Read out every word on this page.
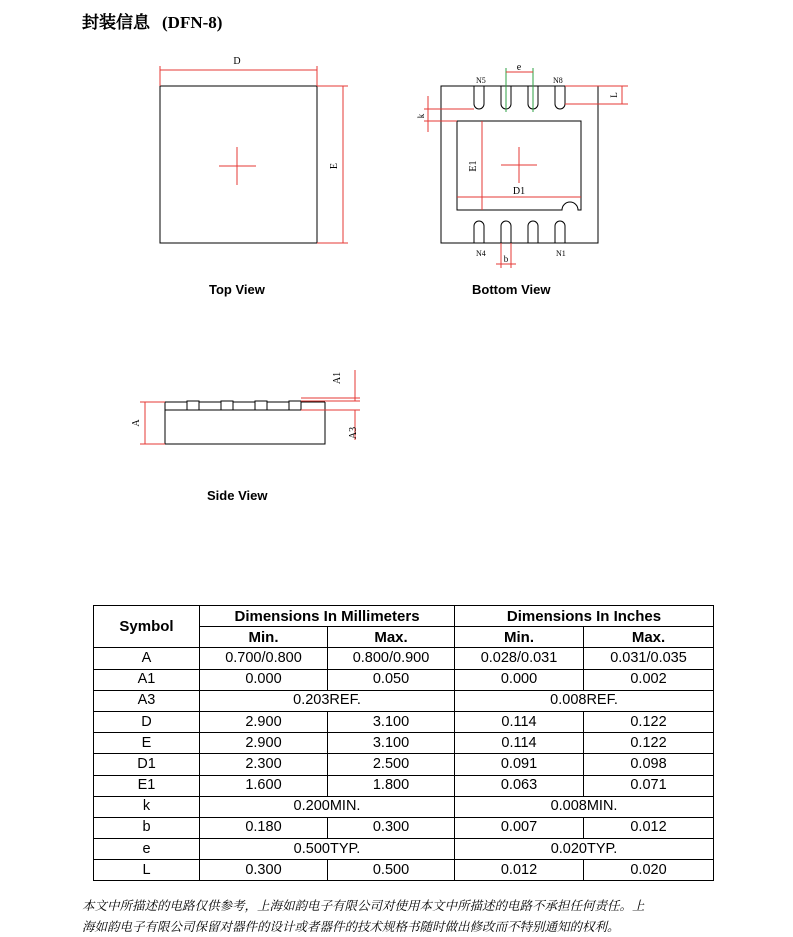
封装信息 (DFN-8)
D
E
e
N5	N8
N4	N1
L
k
E1
D1
b
A
A1
A3
Top View	Bottom View
Side View
Symbol	Dimensions In Millimeters		Dimensions In Inches	
	Min.	Max.	Min.	Max.
A	0.700/0.800	0.800/0.900	0.028/0.031	0.031/0.035
A1	0.000	0.050	0.000	0.002
A3	0.203REF.		0.008REF.	
D	2.900	3.100	0.114	0.122
E	2.900	3.100	0.114	0.122
D1	2.300	2.500	0.091	0.098
E1	1.600	1.800	0.063	0.071
k	0.200MIN.		0.008MIN.	
b	0.180	0.300	0.007	0.012
e	0.500TYP.		0.020TYP.	
L	0.300	0.500	0.012	0.020
本文中所描述的电路仅供参考，上海如韵电子有限公司对使用本文中所描述的电路不承担任何责任。上
海如韵电子有限公司保留对器件的设计或者器件的技术规格书随时做出修改而不特别通知的权利。
